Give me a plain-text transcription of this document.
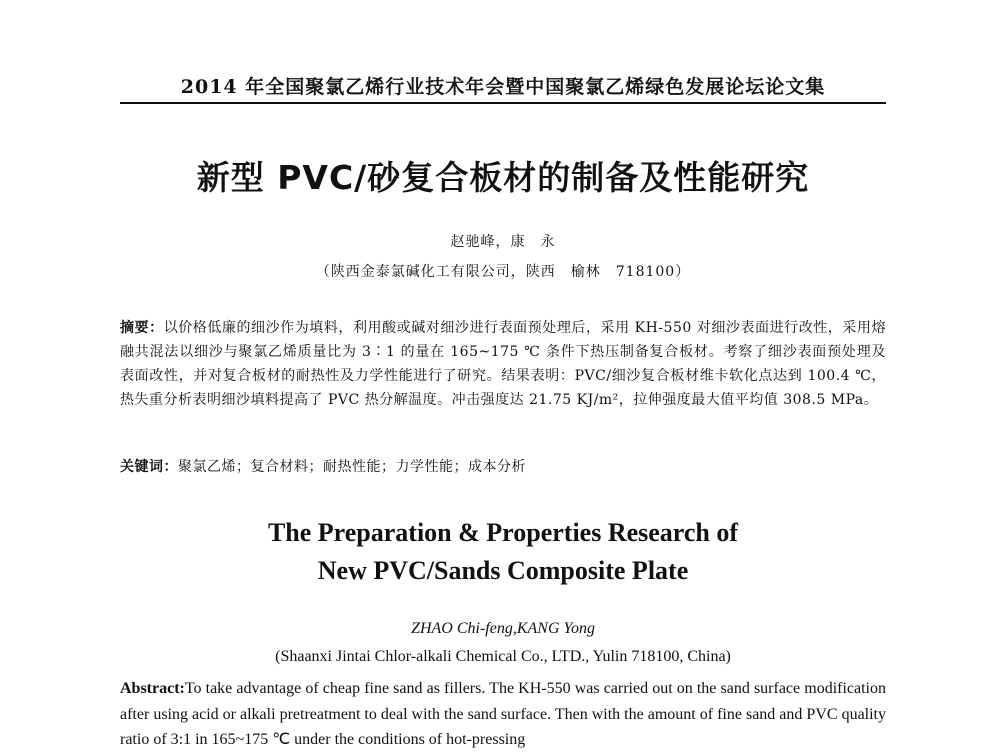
2014 年全国聚氯乙烯行业技术年会暨中国聚氯乙烯绿色发展论坛论文集
新型 PVC/砂复合板材的制备及性能研究
赵驰峰，康　永
（陕西金泰氯碱化工有限公司，陕西　榆林　718100）
摘要：以价格低廉的细沙作为填料，利用酸或碱对细沙进行表面预处理后，采用 KH-550 对细沙表面进行改性，采用熔融共混法以细沙与聚氯乙烯质量比为 3∶1 的量在 165~175 ℃ 条件下热压制备复合板材。考察了细沙表面预处理及表面改性，并对复合板材的耐热性及力学性能进行了研究。结果表明：PVC/细沙复合板材维卡软化点达到 100.4 ℃，热失重分析表明细沙填料提高了 PVC 热分解温度。冲击强度达 21.75 KJ/m²，拉伸强度最大值平均值 308.5 MPa。
关键词：聚氯乙烯；复合材料；耐热性能；力学性能；成本分析
The Preparation & Properties Research of
New PVC/Sands Composite Plate
ZHAO Chi-feng,KANG Yong
(Shaanxi Jintai Chlor-alkali Chemical Co., LTD., Yulin 718100, China)
Abstract:To take advantage of cheap fine sand as fillers. The KH-550 was carried out on the sand surface modification after using acid or alkali pretreatment to deal with the sand surface. Then with the amount of fine sand and PVC quality ratio of 3:1 in 165~175 ℃ under the conditions of hot-pressing
